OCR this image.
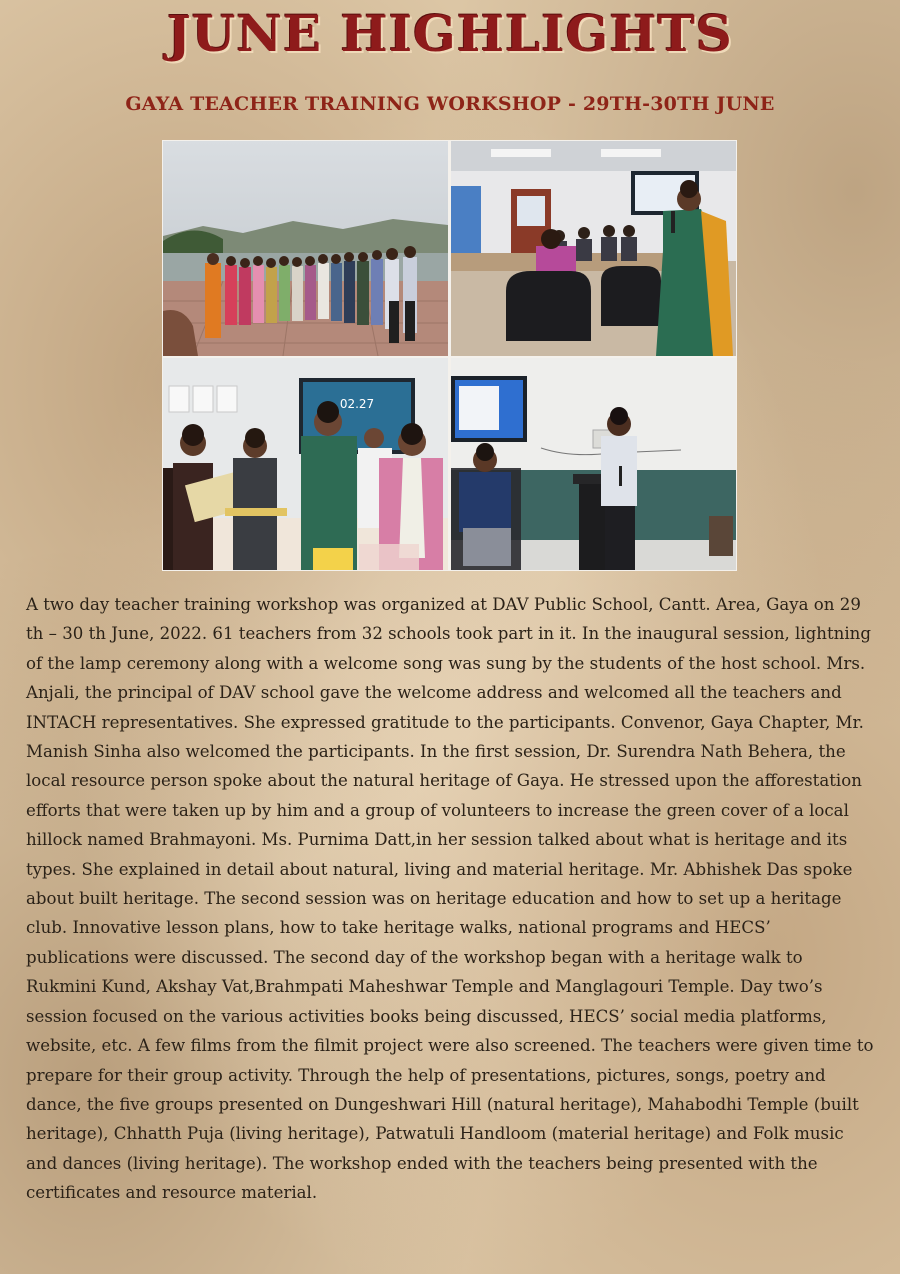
JUNE HIGHLIGHTS
GAYA TEACHER TRAINING WORKSHOP - 29TH-30TH JUNE
02.27

A two day teacher training workshop was organized at DAV Public School, Cantt. Area, Gaya on 29 th – 30 th June, 2022. 61 teachers from 32 schools took part in it. In the inaugural session, lightning of the lamp ceremony along with a welcome song was sung by the students of the host school. Mrs. Anjali, the principal of DAV school gave the welcome address and welcomed all the teachers and INTACH representatives. She expressed gratitude to the participants. Convenor, Gaya Chapter, Mr. Manish Sinha also welcomed the participants. In the first session, Dr. Surendra Nath Behera, the local resource person spoke about the natural heritage of Gaya. He stressed upon the afforestation efforts that were taken up by him and a group of volunteers to increase the green cover of a local hillock named Brahmayoni. Ms. Purnima Datt,in her session talked about what is heritage and its types. She explained in detail about natural, living and material heritage. Mr. Abhishek Das spoke about built heritage. The second session was on heritage education and how to set up a heritage club. Innovative lesson plans, how to take heritage walks, national programs and HECS’ publications were discussed. The second day of the workshop began with a heritage walk to Rukmini Kund, Akshay Vat,Brahmpati Maheshwar Temple and Manglagouri Temple. Day two’s session focused on the various activities books being discussed, HECS’ social media platforms, website, etc. A few films from the filmit project were also screened. The teachers were given time to prepare for their group activity. Through the help of presentations, pictures, songs, poetry and dance, the five groups presented on Dungeshwari Hill (natural heritage), Mahabodhi Temple (built heritage), Chhatth Puja (living heritage), Patwatuli Handloom (material heritage) and Folk music and dances (living heritage). The workshop ended with the teachers being presented with the certificates and resource material.
